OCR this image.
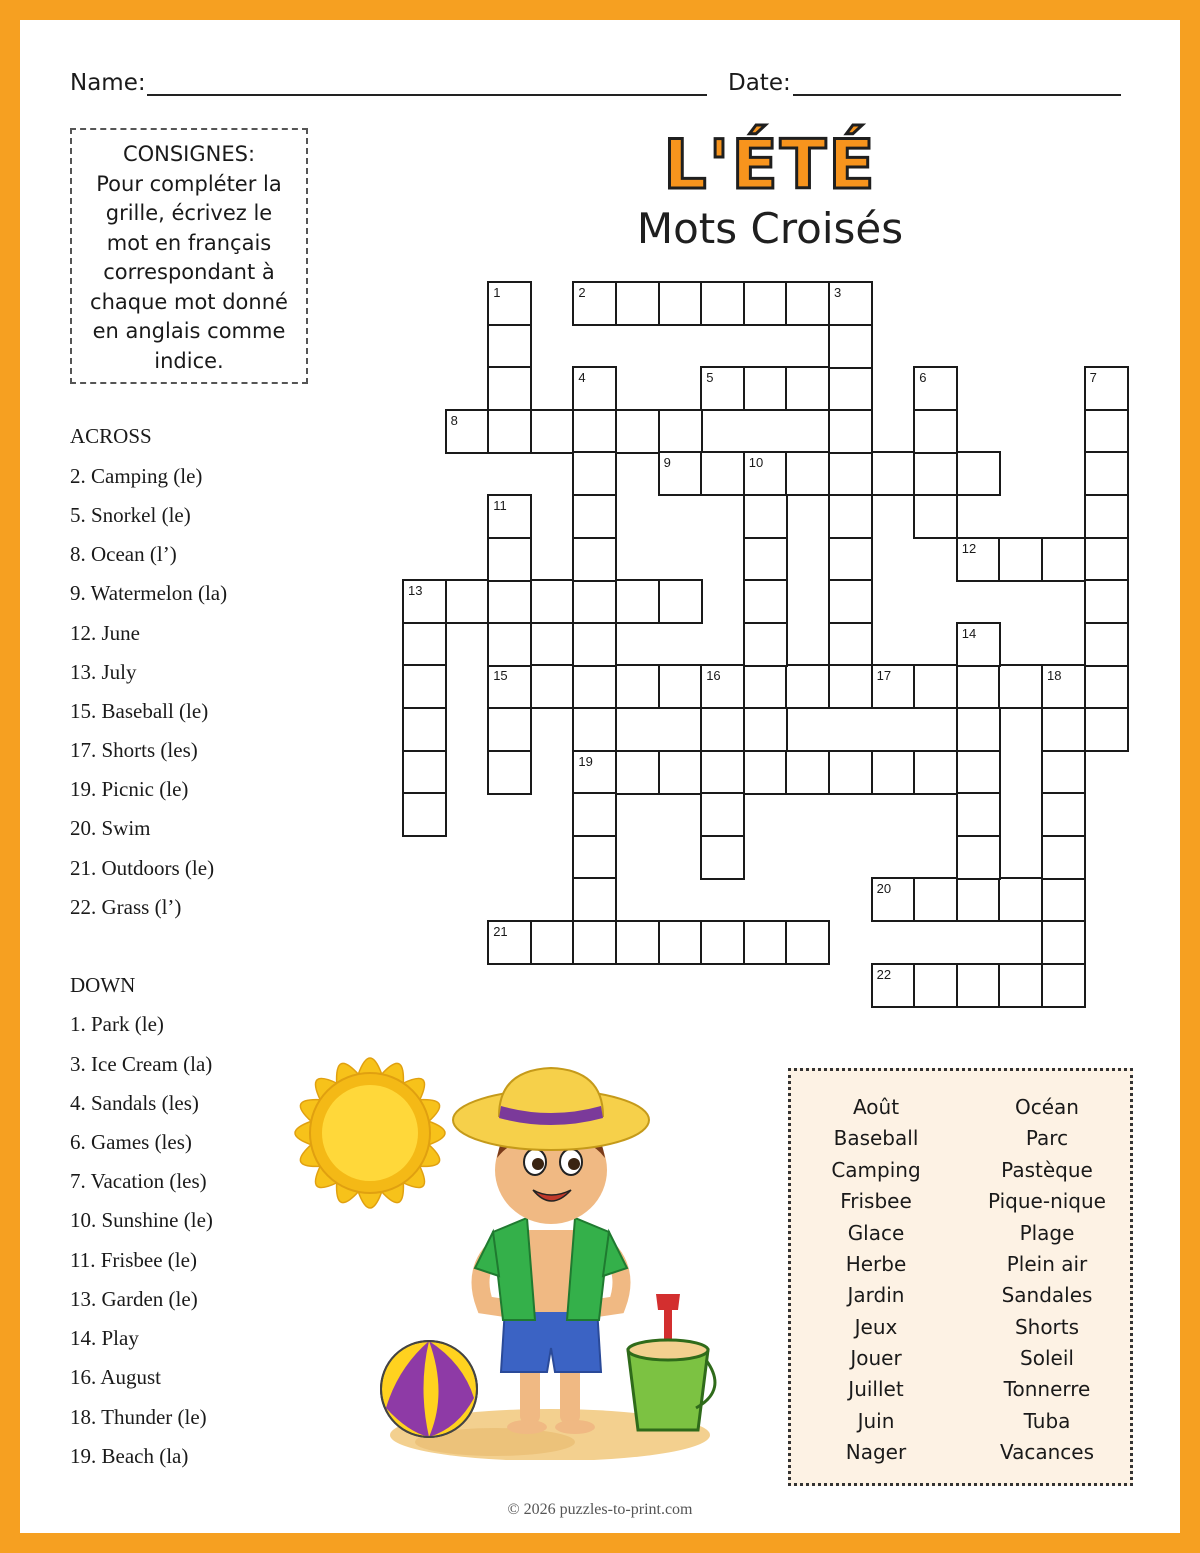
Name:	Date:
L'ÉTÉ
Mots Croisés
CONSIGNES:
Pour compléter la grille, écrivez le mot en français correspondant à chaque mot donné en anglais comme indice.
ACROSS
2. Camping (le)
5. Snorkel (le)
8. Ocean (l’)
9. Watermelon (la)
12. June
13. July
15. Baseball (le)
17. Shorts (les)
19. Picnic (le)
20. Swim
21. Outdoors (le)
22. Grass (l’)
DOWN
1. Park (le)
3. Ice Cream (la)
4. Sandals (les)
6. Games (les)
7. Vacation (les)
10. Sunshine (le)
11. Frisbee (le)
13. Garden (le)
14. Play
16. August
18. Thunder (le)
19. Beach (la)
2	3
5
8
9	10
12
13
15	16	17	18
19
20
21
22
1
4	6	7
11
14
Août
Baseball
Camping
Frisbee
Glace
Herbe
Jardin
Jeux
Jouer
Juillet
Juin
Nager
Océan
Parc
Pastèque
Pique-nique
Plage
Plein air
Sandales
Shorts
Soleil
Tonnerre
Tuba
Vacances
© 2026 puzzles-to-print.com
